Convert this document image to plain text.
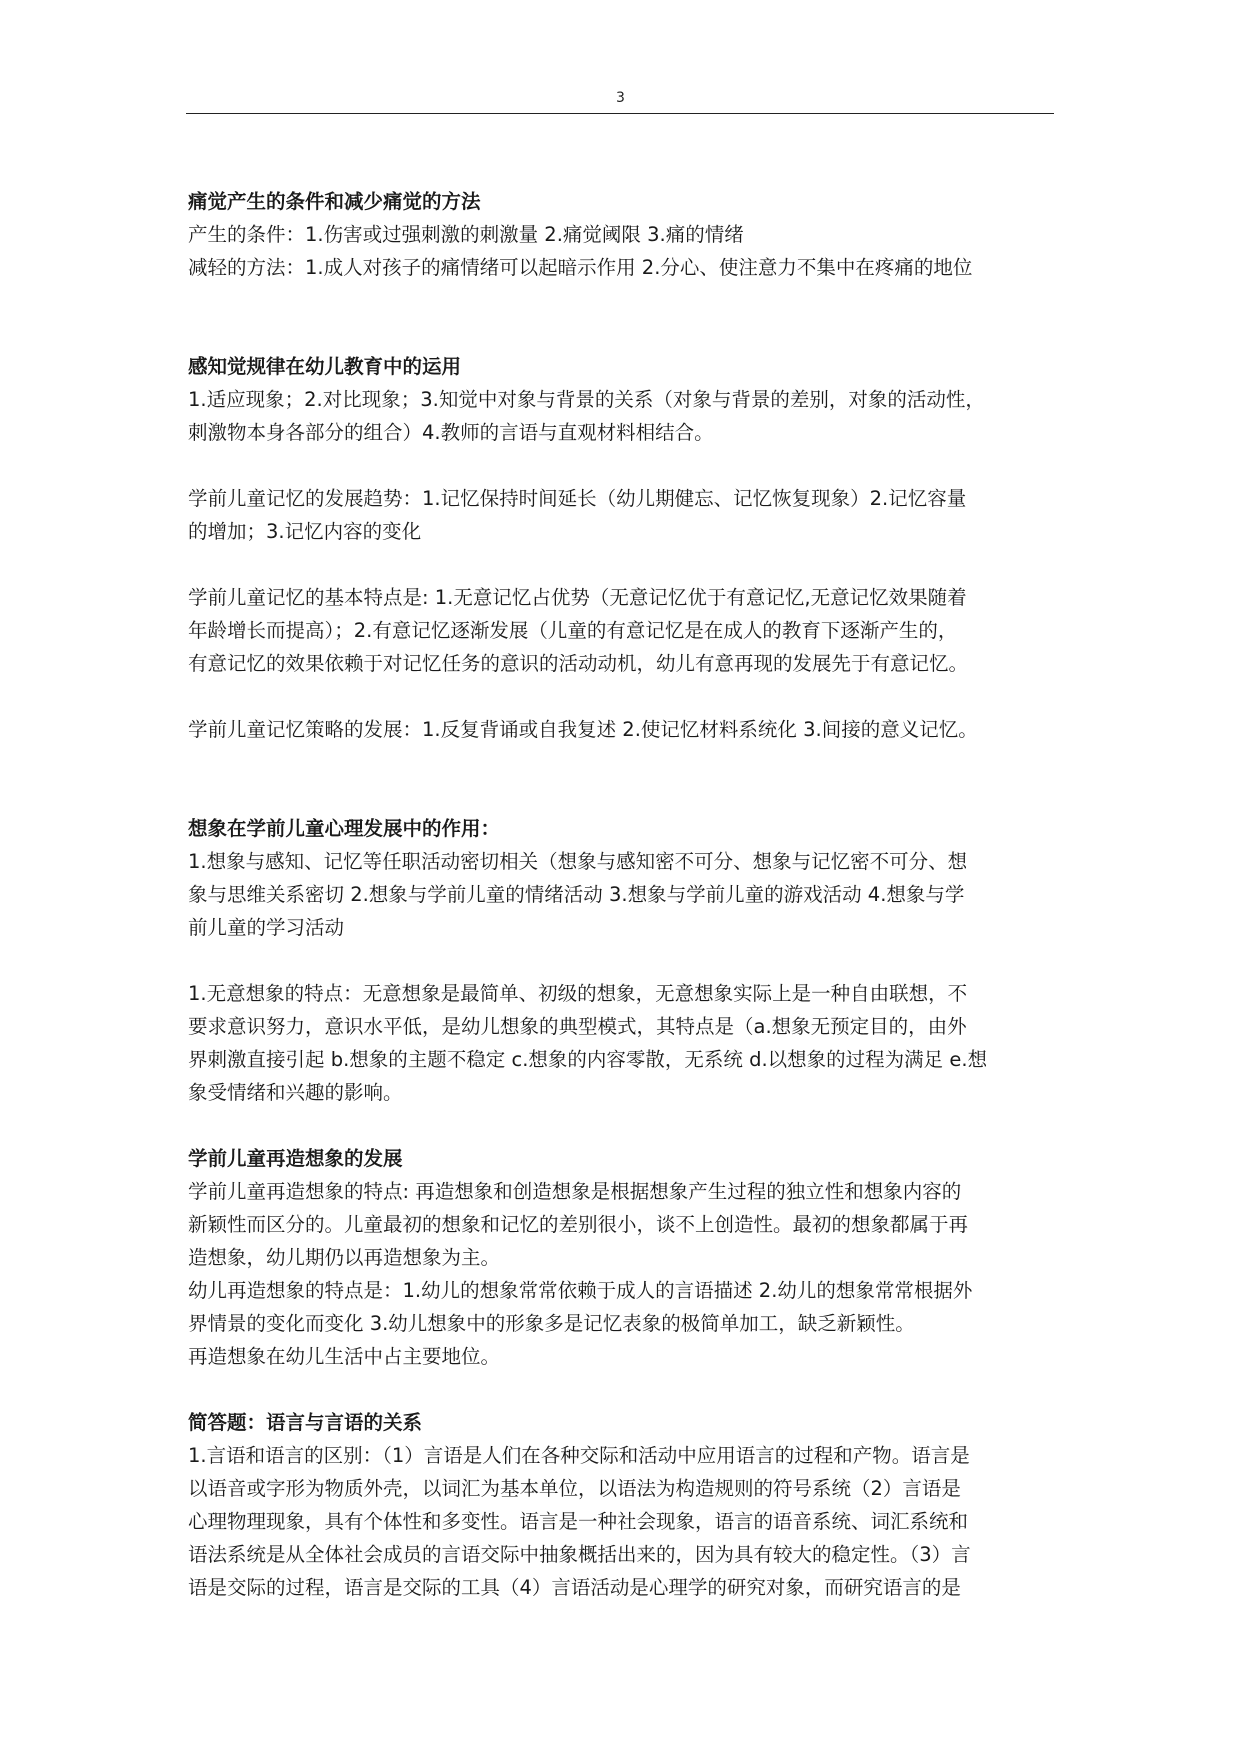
3

痛觉产生的条件和减少痛觉的方法

产生的条件：1.伤害或过强刺激的刺激量 2.痛觉阈限 3.痛的情绪

减轻的方法：1.成人对孩子的痛情绪可以起暗示作用 2.分心、使注意力不集中在疼痛的地位

感知觉规律在幼儿教育中的运用

1.适应现象；2.对比现象；3.知觉中对象与背景的关系（对象与背景的差别，对象的活动性，

刺激物本身各部分的组合）4.教师的言语与直观材料相结合。

学前儿童记忆的发展趋势：1.记忆保持时间延长（幼儿期健忘、记忆恢复现象）2.记忆容量

的增加；3.记忆内容的变化

学前儿童记忆的基本特点是: 1.无意记忆占优势（无意记忆优于有意记忆,无意记忆效果随着

年龄增长而提高）；2.有意记忆逐渐发展（儿童的有意记忆是在成人的教育下逐渐产生的，

有意记忆的效果依赖于对记忆任务的意识的活动动机，幼儿有意再现的发展先于有意记忆。

学前儿童记忆策略的发展：1.反复背诵或自我复述 2.使记忆材料系统化 3.间接的意义记忆。

想象在学前儿童心理发展中的作用：

1.想象与感知、记忆等任职活动密切相关（想象与感知密不可分、想象与记忆密不可分、想

象与思维关系密切 2.想象与学前儿童的情绪活动 3.想象与学前儿童的游戏活动 4.想象与学

前儿童的学习活动

1.无意想象的特点：无意想象是最简单、初级的想象，无意想象实际上是一种自由联想，不

要求意识努力，意识水平低，是幼儿想象的典型模式，其特点是（a.想象无预定目的，由外

界刺激直接引起 b.想象的主题不稳定 c.想象的内容零散，无系统 d.以想象的过程为满足 e.想

象受情绪和兴趣的影响。

学前儿童再造想象的发展

学前儿童再造想象的特点: 再造想象和创造想象是根据想象产生过程的独立性和想象内容的

新颖性而区分的。儿童最初的想象和记忆的差别很小，谈不上创造性。最初的想象都属于再

造想象，幼儿期仍以再造想象为主。

幼儿再造想象的特点是：1.幼儿的想象常常依赖于成人的言语描述 2.幼儿的想象常常根据外

界情景的变化而变化 3.幼儿想象中的形象多是记忆表象的极简单加工，缺乏新颖性。

再造想象在幼儿生活中占主要地位。

简答题：语言与言语的关系

1.言语和语言的区别：（1）言语是人们在各种交际和活动中应用语言的过程和产物。语言是

以语音或字形为物质外壳，以词汇为基本单位，以语法为构造规则的符号系统（2）言语是

心理物理现象，具有个体性和多变性。语言是一种社会现象，语言的语音系统、词汇系统和

语法系统是从全体社会成员的言语交际中抽象概括出来的，因为具有较大的稳定性。（3）言

语是交际的过程，语言是交际的工具（4）言语活动是心理学的研究对象，而研究语言的是
